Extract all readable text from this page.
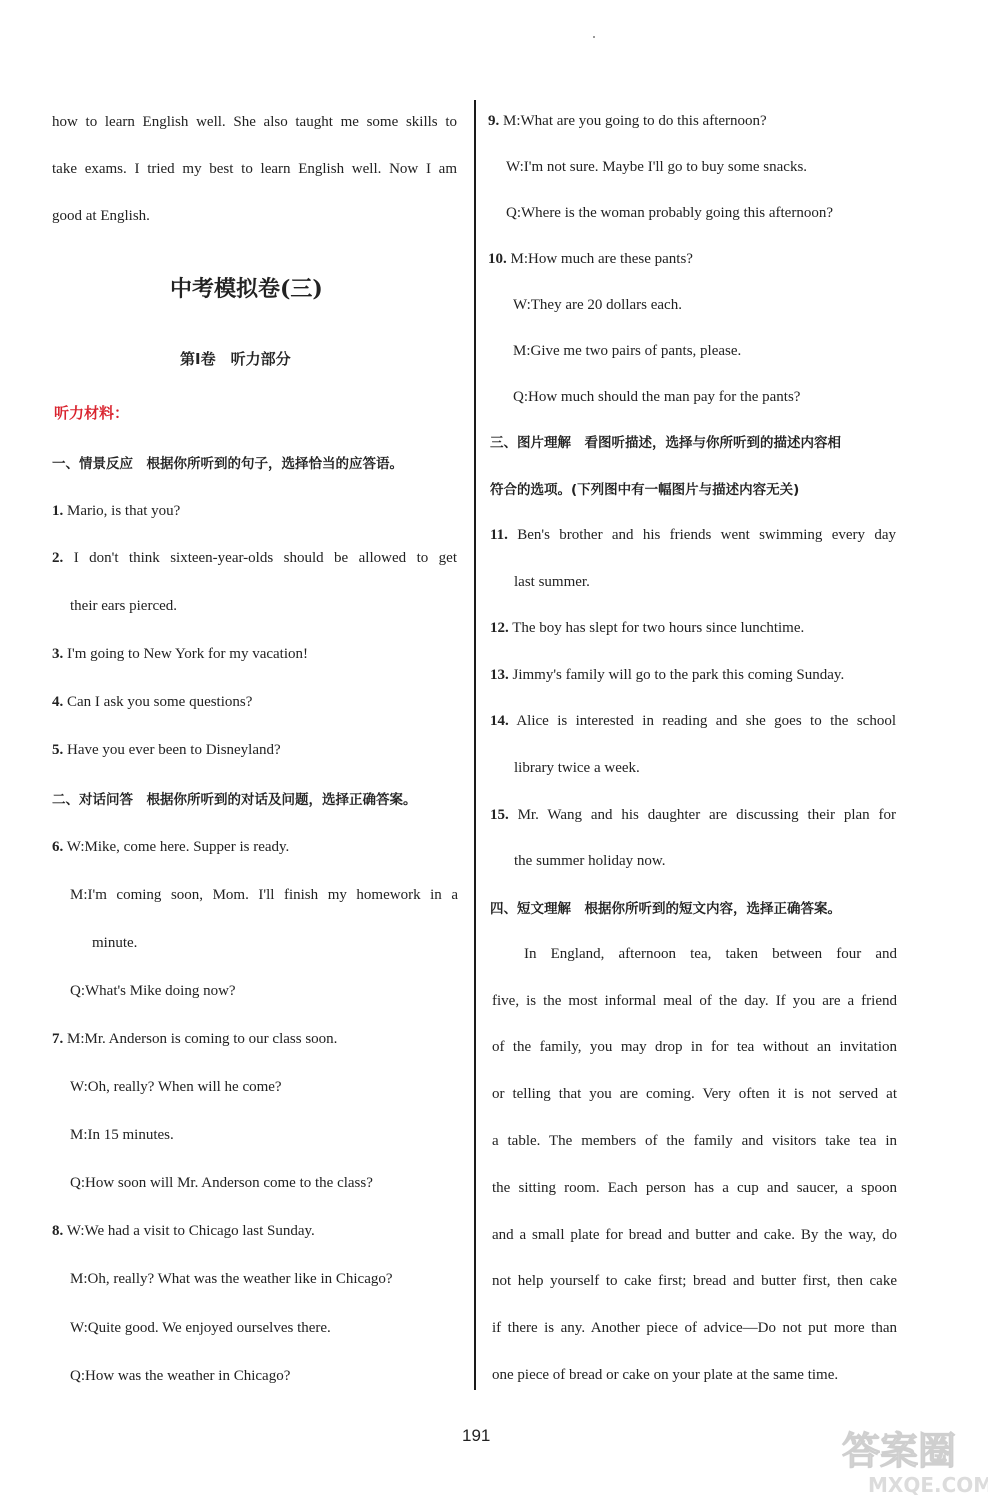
how to learn English well. She also taught me some skills to
take exams. I tried my best to learn English well. Now I am
good at English.
中考模拟卷(三)
第Ⅰ卷　听力部分
听力材料：
一、情景反应　根据你所听到的句子，选择恰当的应答语。
1. Mario, is that you?
2. I don't think sixteen-year-olds should be allowed to get
their ears pierced.
3. I'm going to New York for my vacation!
4. Can I ask you some questions?
5. Have you ever been to Disneyland?
二、对话问答　根据你所听到的对话及问题，选择正确答案。
6. W:Mike, come here. Supper is ready.
M:I'm coming soon, Mom. I'll finish my homework in a
minute.
Q:What's Mike doing now?
7. M:Mr. Anderson is coming to our class soon.
W:Oh, really? When will he come?
M:In 15 minutes.
Q:How soon will Mr. Anderson come to the class?
8. W:We had a visit to Chicago last Sunday.
M:Oh, really? What was the weather like in Chicago?
W:Quite good. We enjoyed ourselves there.
Q:How was the weather in Chicago?
9. M:What are you going to do this afternoon?
W:I'm not sure. Maybe I'll go to buy some snacks.
Q:Where is the woman probably going this afternoon?
10. M:How much are these pants?
W:They are 20 dollars each.
M:Give me two pairs of pants, please.
Q:How much should the man pay for the pants?
三、图片理解　看图听描述，选择与你所听到的描述内容相
符合的选项。(下列图中有一幅图片与描述内容无关)
11. Ben's brother and his friends went swimming every day
last summer.
12. The boy has slept for two hours since lunchtime.
13. Jimmy's family will go to the park this coming Sunday.
14. Alice is interested in reading and she goes to the school
library twice a week.
15. Mr. Wang and his daughter are discussing their plan for
the summer holiday now.
四、短文理解　根据你所听到的短文内容，选择正确答案。
In England, afternoon tea, taken between four and
five, is the most informal meal of the day. If you are a friend
of the family, you may drop in for tea without an invitation
or telling that you are coming. Very often it is not served at
a table. The members of the family and visitors take tea in
the sitting room. Each person has a cup and saucer, a spoon
and a small plate for bread and butter and cake. By the way, do
not help yourself to cake first; bread and butter first, then cake
if there is any. Another piece of advice—Do not put more than
one piece of bread or cake on your plate at the same time.
191	答案圈
MXQE.COM
